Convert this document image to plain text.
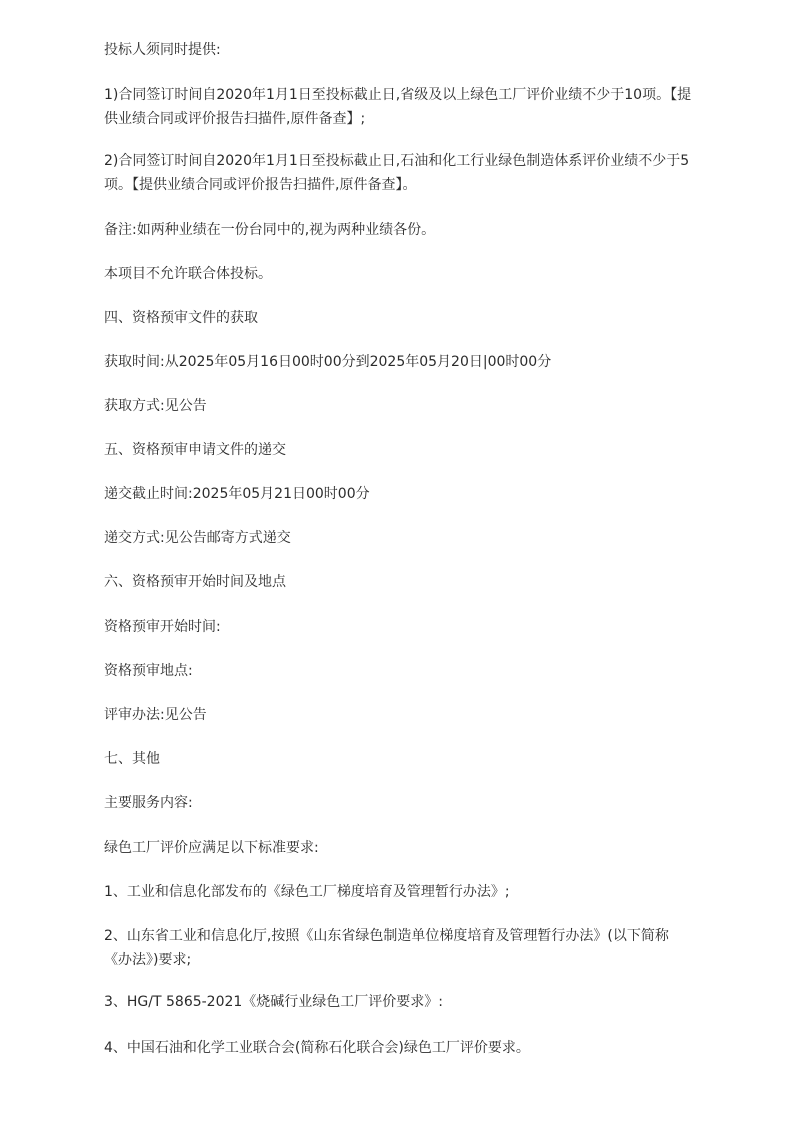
投标人须同时提供:

1)合同签订时间自2020年1月1日至投标截止日,省级及以上绿色工厂评价业绩不少于10项。【提供业绩合同或评价报告扫描件,原件备查】;

2)合同签订时间自2020年1月1日至投标截止日,石油和化工行业绿色制造体系评价业绩不少于5项。【提供业绩合同或评价报告扫描件,原件备查】。

备注:如两种业绩在一份台同中的,视为两种业绩各份。

本项目不允许联合体投标。

四、资格预审文件的获取

获取时间:从2025年05月16日00时00分到2025年05月20日|00时00分

获取方式:见公告

五、资格预审申请文件的递交

递交截止时间:2025年05月21日00时00分

递交方式:见公告邮寄方式递交

六、资格预审开始时间及地点

资格预审开始时间:

资格预审地点:

评审办法:见公告

七、其他

主要服务内容:

绿色工厂评价应满足以下标准要求:

1、工业和信息化部发布的《绿色工厂梯度培育及管理暂行办法》;

2、山东省工业和信息化厅,按照《山东省绿色制造单位梯度培育及管理暂行办法》(以下简称《办法》)要求;

3、HG/T 5865-2021《烧碱行业绿色工厂评价要求》:

4、中国石油和化学工业联合会(简称石化联合会)绿色工厂评价要求。
